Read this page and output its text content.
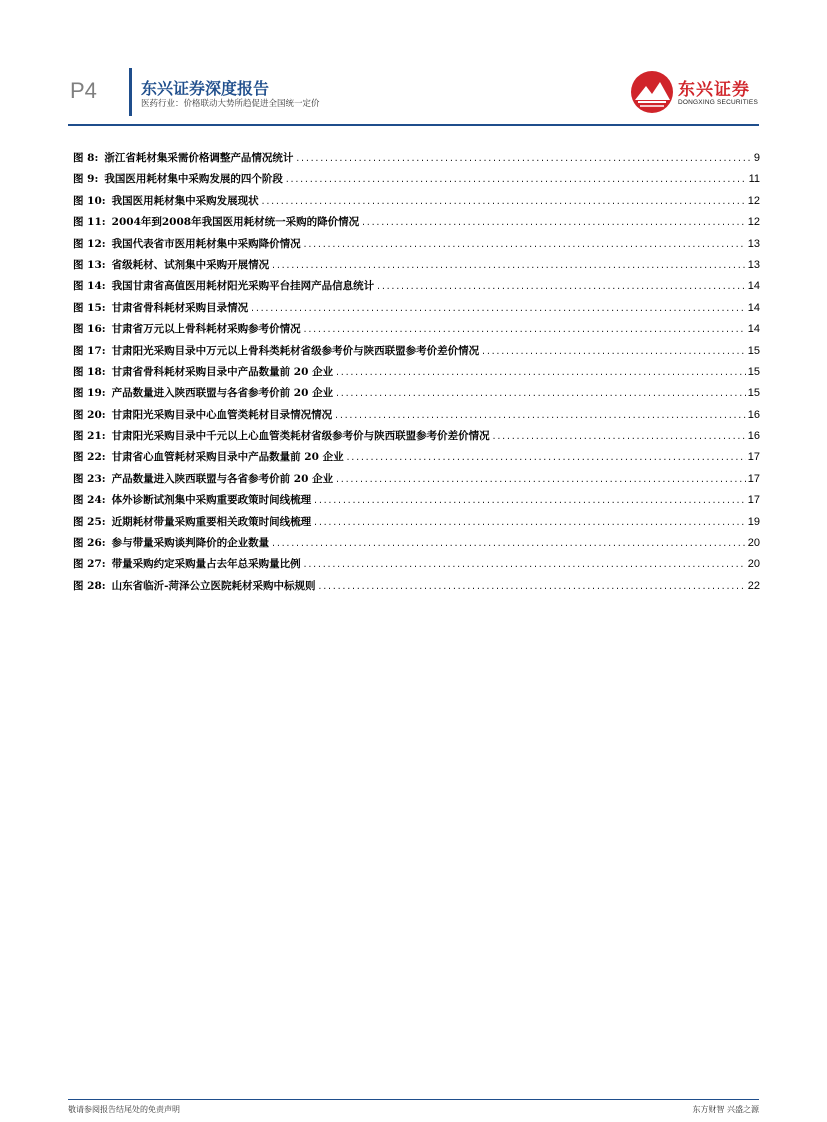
P4	东兴证券深度报告
医药行业：价格联动大势所趋促进全国统一定价
东兴证券
DONGXING SECURITIES
图 8: 浙江省耗材集采需价格调整产品情况统计 .....	9
图 9: 我国医用耗材集中采购发展的四个阶段 .....	11
图 10: 我国医用耗材集中采购发展现状 .....	12
图 11: 2004年到2008年我国医用耗材统一采购的降价情况 .....	12
图 12: 我国代表省市医用耗材集中采购降价情况 .....	13
图 13: 省级耗材、试剂集中采购开展情况 .....	13
图 14: 我国甘肃省高值医用耗材阳光采购平台挂网产品信息统计 .....	14
图 15: 甘肃省骨科耗材采购目录情况 .....	14
图 16: 甘肃省万元以上骨科耗材采购参考价情况 .....	14
图 17: 甘肃阳光采购目录中万元以上骨科类耗材省级参考价与陕西联盟参考价差价情况 .....	15
图 18: 甘肃省骨科耗材采购目录中产品数量前 20 企业 .....	15
图 19: 产品数量进入陕西联盟与各省参考价前 20 企业 .....	15
图 20: 甘肃阳光采购目录中心血管类耗材目录情况情况 .....	16
图 21: 甘肃阳光采购目录中千元以上心血管类耗材省级参考价与陕西联盟参考价差价情况 .....	16
图 22: 甘肃省心血管耗材采购目录中产品数量前 20 企业 .....	17
图 23: 产品数量进入陕西联盟与各省参考价前 20 企业 .....	17
图 24: 体外诊断试剂集中采购重要政策时间线梳理 .....	17
图 25: 近期耗材带量采购重要相关政策时间线梳理 .....	19
图 26: 参与带量采购谈判降价的企业数量 .....	20
图 27: 带量采购约定采购量占去年总采购量比例 .....	20
图 28: 山东省临沂-菏泽公立医院耗材采购中标规则 .....	22
敬请参阅报告结尾处的免责声明	东方财智 兴盛之源
